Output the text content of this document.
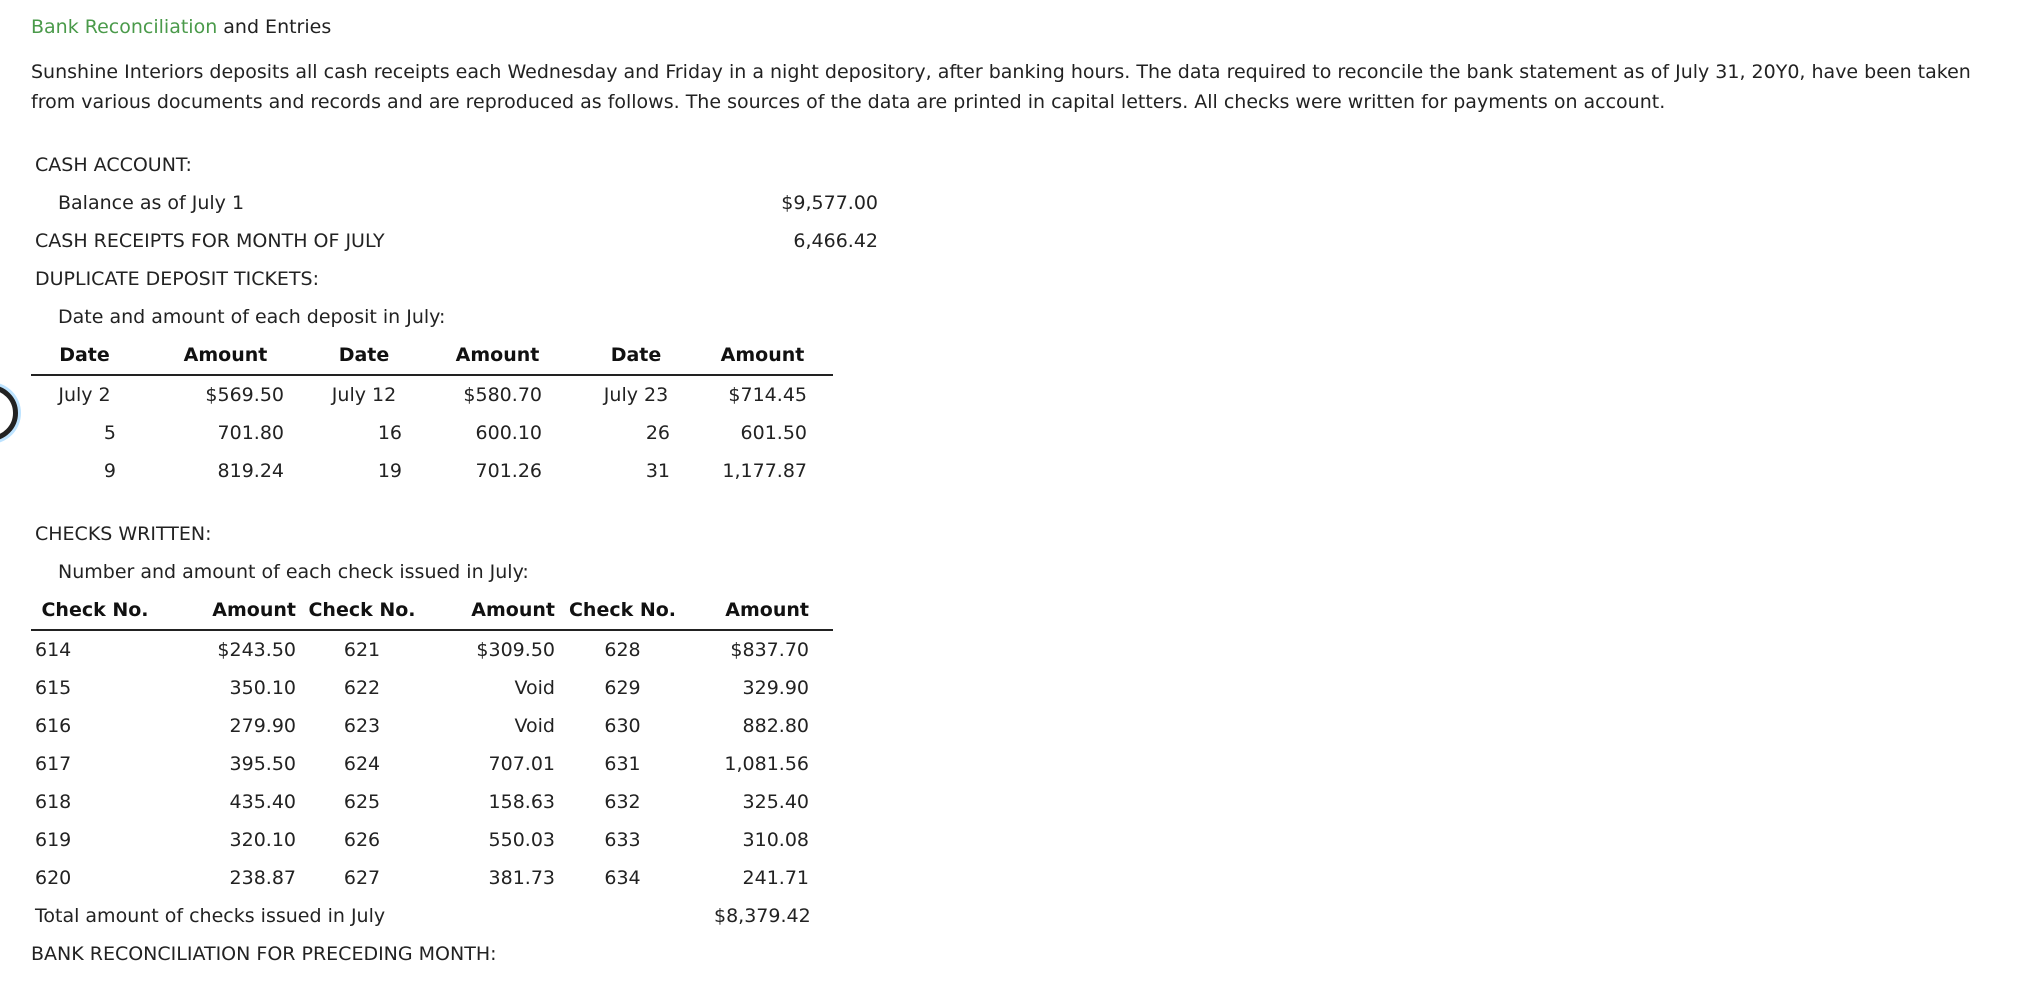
Bank Reconciliation and Entries
Sunshine Interiors deposits all cash receipts each Wednesday and Friday in a night depository, after banking hours. The data required to reconcile the bank statement as of July 31, 20Y0, have been taken from various documents and records and are reproduced as follows. The sources of the data are printed in capital letters. All checks were written for payments on account.
CASH ACCOUNT:
Balance as of July 1	$9,577.00
CASH RECEIPTS FOR MONTH OF JULY	6,466.42
DUPLICATE DEPOSIT TICKETS:
Date and amount of each deposit in July:
Date	Amount	Date	Amount	Date	Amount
July 2	$569.50	July 12	$580.70	July 23	$714.45
5	701.80	16	600.10	26	601.50
9	819.24	19	701.26	31	1,177.87
CHECKS WRITTEN:
Number and amount of each check issued in July:
Check No.	Amount	Check No.	Amount	Check No.	Amount
614	$243.50	621	$309.50	628	$837.70
615	350.10	622	Void	629	329.90
616	279.90	623	Void	630	882.80
617	395.50	624	707.01	631	1,081.56
618	435.40	625	158.63	632	325.40
619	320.10	626	550.03	633	310.08
620	238.87	627	381.73	634	241.71
Total amount of checks issued in July	$8,379.42
BANK RECONCILIATION FOR PRECEDING MONTH:
